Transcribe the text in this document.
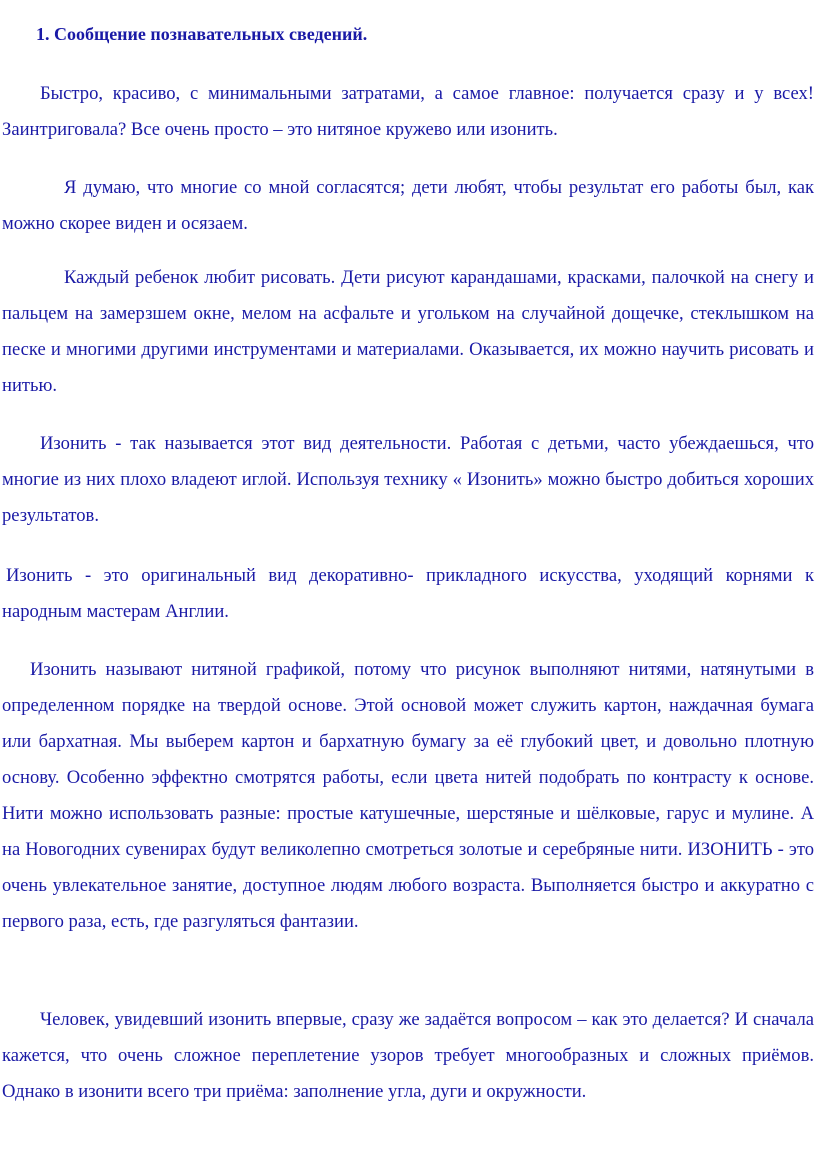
1. Сообщение познавательных сведений.

Быстро, красиво, с минимальными затратами, а самое главное: получается сразу и у всех! Заинтриговала? Все очень просто – это нитяное кружево или изонить.

Я думаю, что многие со мной согласятся; дети любят, чтобы результат его работы был, как можно скорее виден и осязаем.

Каждый ребенок любит рисовать. Дети рисуют карандашами, красками, палочкой на снегу и пальцем на замерзшем окне, мелом на асфальте и угольком на случайной дощечке, стеклышком на песке и многими другими инструментами и материалами. Оказывается, их можно научить рисовать и нитью.

Изонить - так называется этот вид деятельности. Работая с детьми, часто убеждаешься, что многие из них плохо владеют иглой. Используя технику « Изонить» можно быстро добиться хороших результатов.

Изонить - это оригинальный вид декоративно- прикладного искусства, уходящий корнями к народным мастерам Англии.

Изонить называют нитяной графикой, потому что рисунок выполняют нитями, натянутыми в определенном порядке на твердой основе. Этой основой может служить картон, наждачная бумага или бархатная. Мы выберем картон и бархатную бумагу за её глубокий цвет, и довольно плотную основу. Особенно эффектно смотрятся работы, если цвета нитей подобрать по контрасту к основе. Нити можно использовать разные: простые катушечные, шерстяные и шёлковые, гарус и мулине. А на Новогодних сувенирах будут великолепно смотреться золотые и серебряные нити. ИЗОНИТЬ - это очень увлекательное занятие, доступное людям любого возраста. Выполняется быстро и аккуратно с первого раза, есть, где разгуляться фантазии.

Человек, увидевший изонить впервые, сразу же задаётся вопросом – как это делается? И сначала кажется, что очень сложное переплетение узоров требует многообразных и сложных приёмов. Однако в изонити всего три приёма: заполнение угла, дуги и окружности.
